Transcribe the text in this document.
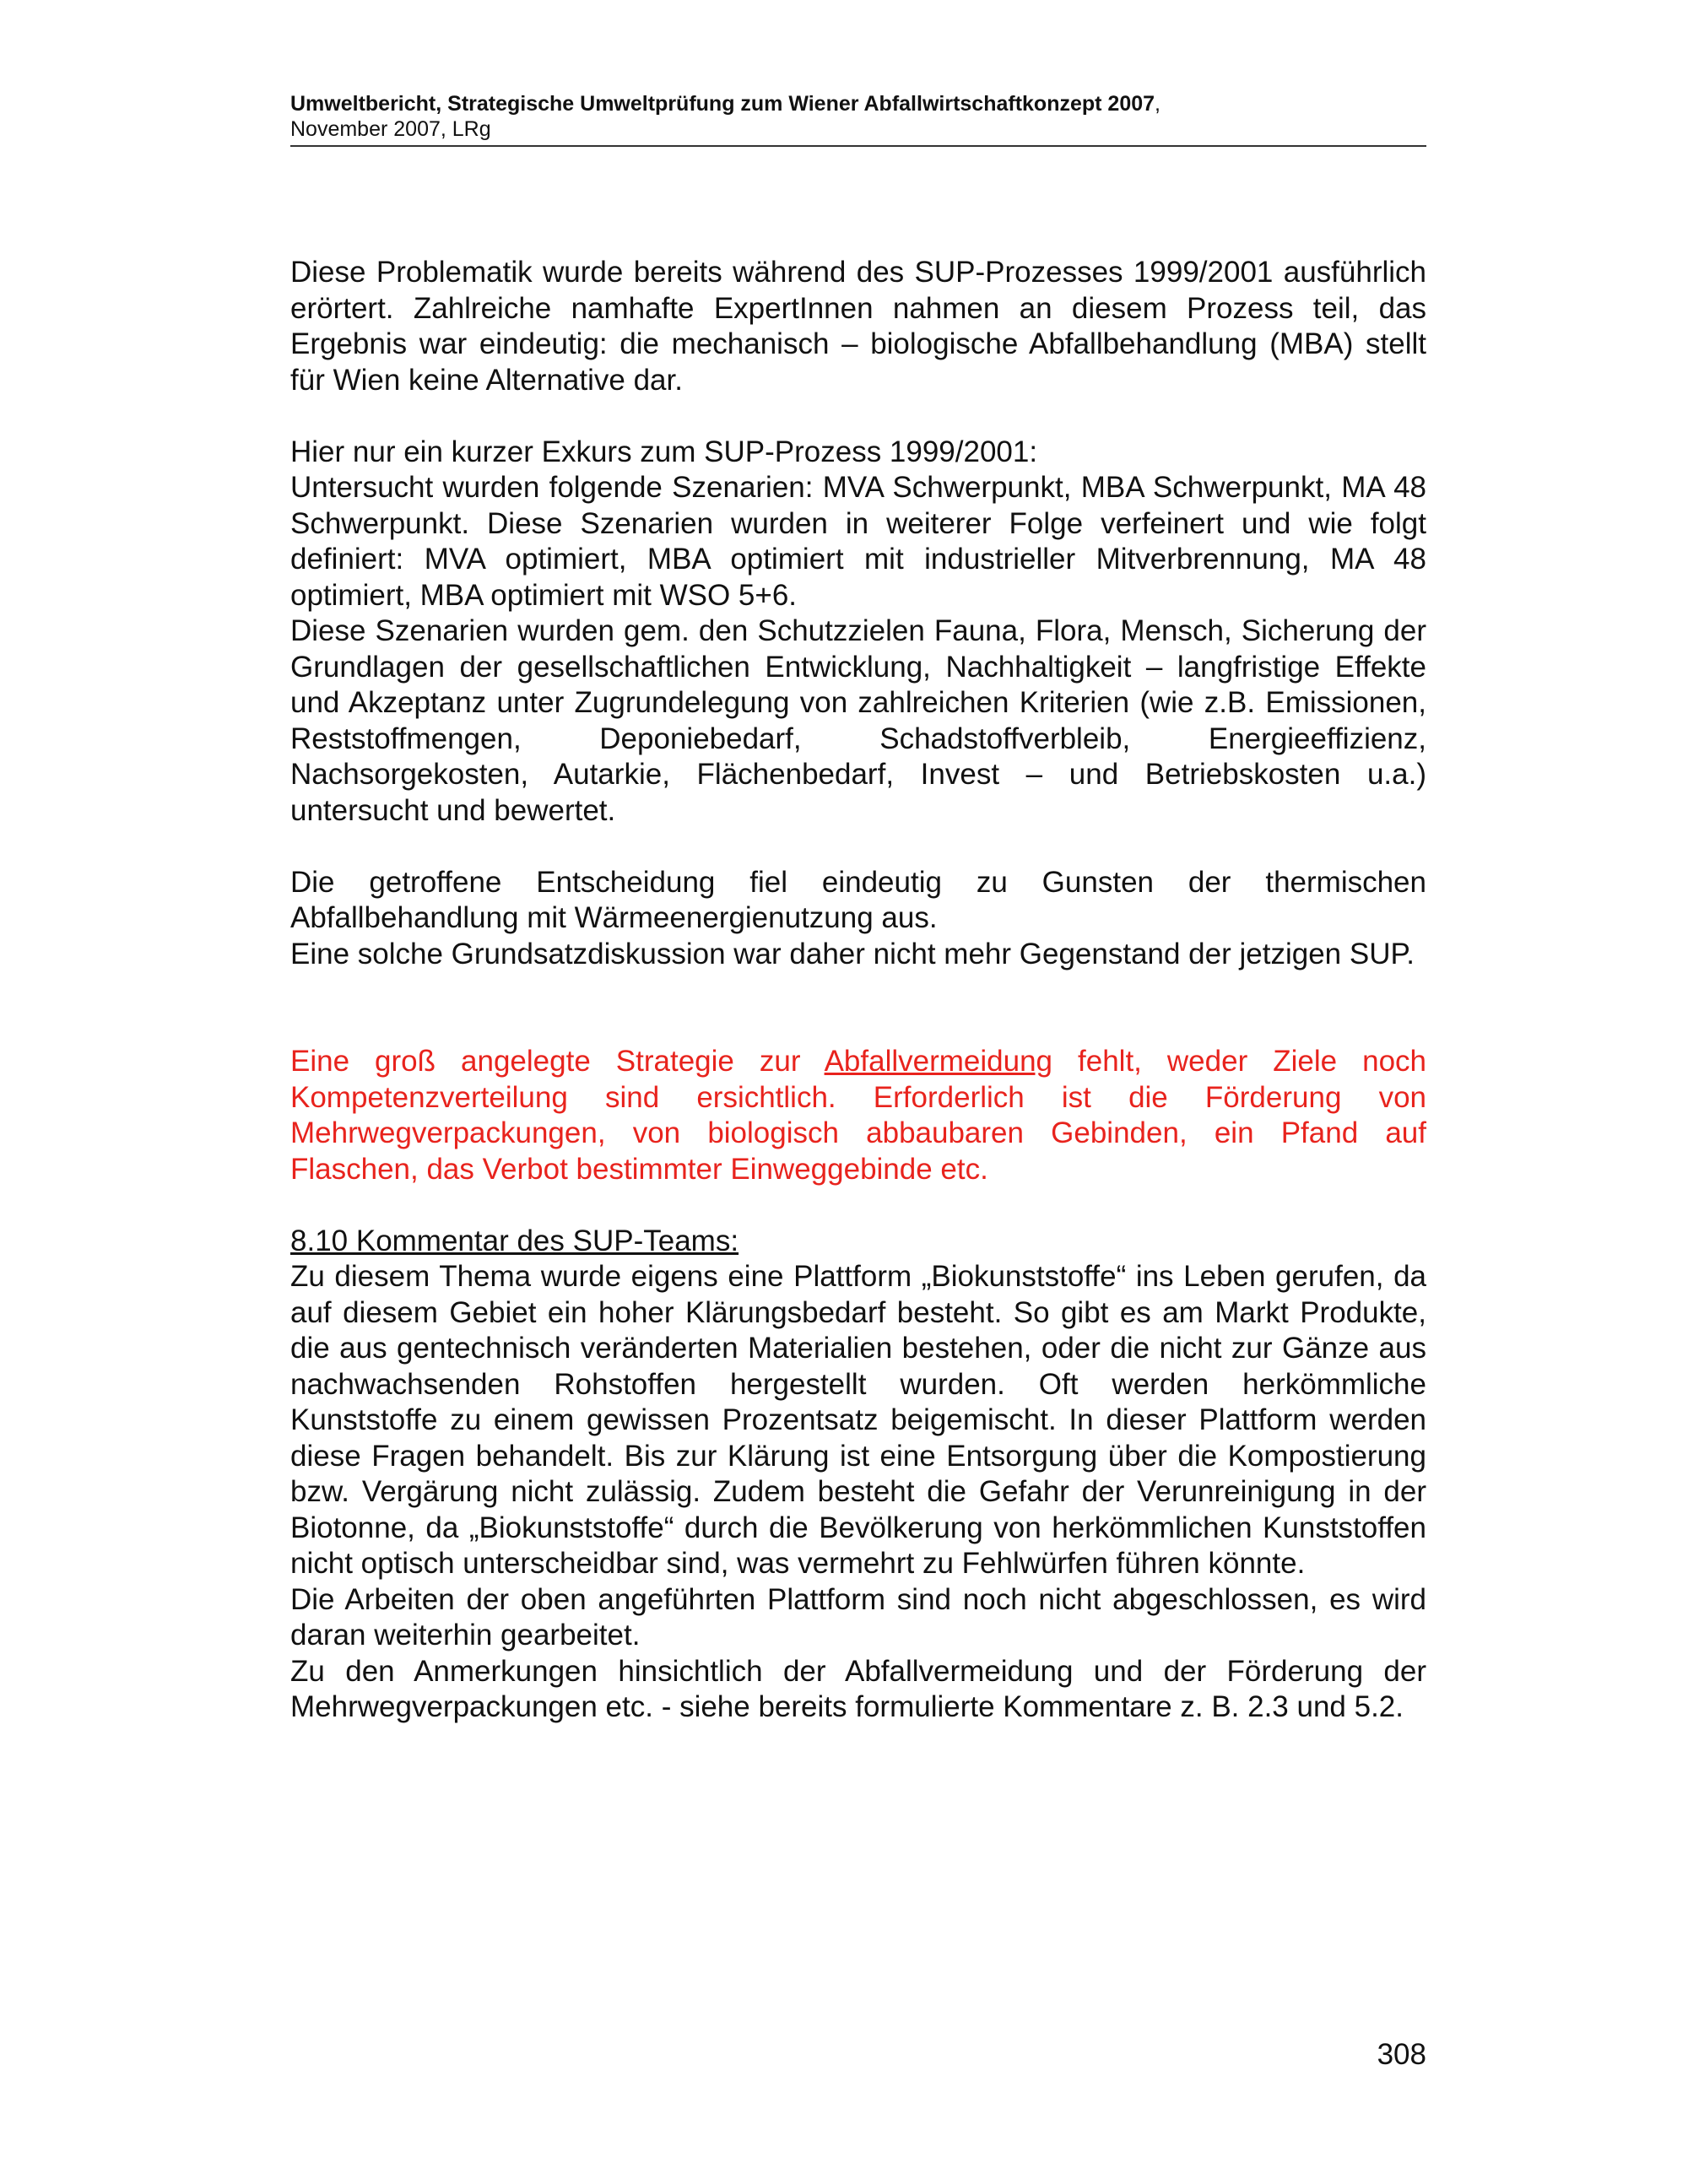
Umweltbericht, Strategische Umweltprüfung zum Wiener Abfallwirtschaftkonzept 2007,

November 2007, LRg

Diese Problematik wurde bereits während des SUP-Prozesses 1999/2001 ausführlich erörtert. Zahlreiche namhafte ExpertInnen nahmen an diesem Prozess teil, das Ergebnis war eindeutig: die mechanisch – biologische Abfallbehandlung (MBA) stellt für Wien keine Alternative dar.

Hier nur ein kurzer Exkurs zum SUP-Prozess 1999/2001:

Untersucht wurden folgende Szenarien: MVA Schwerpunkt, MBA Schwerpunkt, MA 48 Schwerpunkt. Diese Szenarien wurden in weiterer Folge verfeinert und wie folgt definiert: MVA optimiert, MBA optimiert mit industrieller Mitverbrennung, MA 48 optimiert, MBA optimiert mit WSO 5+6.

Diese Szenarien wurden gem. den Schutzzielen Fauna, Flora, Mensch, Sicherung der Grundlagen der gesellschaftlichen Entwicklung, Nachhaltigkeit – langfristige Effekte und Akzeptanz unter Zugrundelegung von zahlreichen Kriterien (wie z.B. Emissionen, Reststoffmengen, Deponiebedarf, Schadstoffverbleib, Energieeffizienz, Nachsorgekosten, Autarkie, Flächenbedarf, Invest – und Betriebskosten u.a.) untersucht und bewertet.

Die getroffene Entscheidung fiel eindeutig zu Gunsten der thermischen Abfallbehandlung mit Wärmeenergienutzung aus.

Eine solche Grundsatzdiskussion war daher nicht mehr Gegenstand der jetzigen SUP.

Eine groß angelegte Strategie zur Abfallvermeidung fehlt, weder Ziele noch Kompetenzverteilung sind ersichtlich. Erforderlich ist die Förderung von Mehrwegverpackungen, von biologisch abbaubaren Gebinden, ein Pfand auf Flaschen, das Verbot bestimmter Einweggebinde etc.

8.10 Kommentar des SUP-Teams:

Zu diesem Thema wurde eigens eine Plattform „Biokunststoffe“ ins Leben gerufen, da auf diesem Gebiet ein hoher Klärungsbedarf besteht. So gibt es am Markt Produkte, die aus gentechnisch veränderten Materialien bestehen, oder die nicht zur Gänze aus nachwachsenden Rohstoffen hergestellt wurden. Oft werden herkömmliche Kunststoffe zu einem gewissen Prozentsatz beigemischt. In dieser Plattform werden diese Fragen behandelt. Bis zur Klärung ist eine Entsorgung über die Kompostierung bzw. Vergärung nicht zulässig. Zudem besteht die Gefahr der Verunreinigung in der Biotonne, da „Biokunststoffe“ durch die Bevölkerung von herkömmlichen Kunststoffen nicht optisch unterscheidbar sind, was vermehrt zu Fehlwürfen führen könnte.

Die Arbeiten der oben angeführten Plattform sind noch nicht abgeschlossen, es wird daran weiterhin gearbeitet.

Zu den Anmerkungen hinsichtlich der Abfallvermeidung und der Förderung der Mehrwegverpackungen etc. - siehe bereits formulierte Kommentare z. B. 2.3 und 5.2.

308
